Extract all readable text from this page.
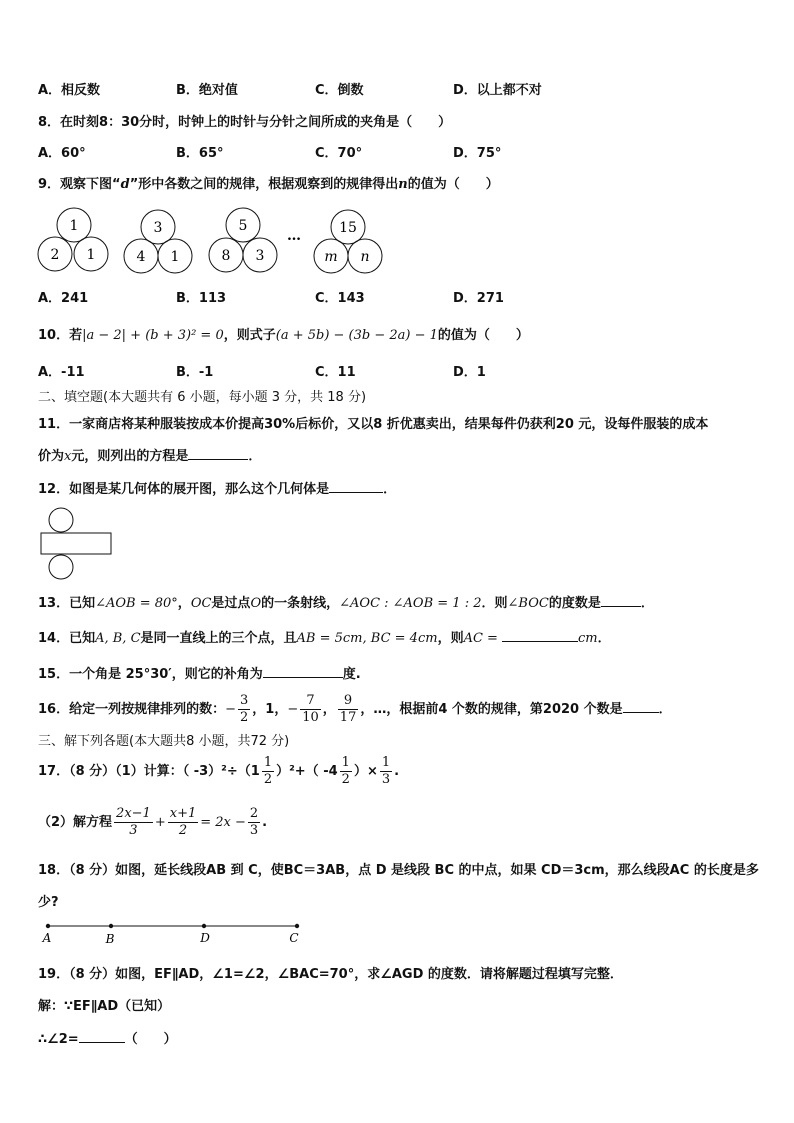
A．相反数	B．绝对值	C．倒数	D．以上都不对
8．在时刻8：30分时，时钟上的时针与分针之间所成的夹角是（　　）
A．60°	B．65°	C．70°	D．75°
9．观察下图“d”形中各数之间的规律，根据观察到的规律得出n的值为（　　）
1
2 1
3
4 1
5
8 3
15
m n
…
A．241	B．113	C．143	D．271
10．若|a − 2| + (b + 3)² = 0，则式子(a + 5b) − (3b − 2a) − 1的值为（　　）
A．-11	B．-1	C．11	D．1
二、填空题(本大题共有 6 小题，每小题 3 分，共 18 分)
11．一家商店将某种服装按成本价提高30%后标价，又以8 折优惠卖出，结果每件仍获利20 元，设每件服装的成本
价为x元，则列出的方程是	．
12．如图是某几何体的展开图，那么这个几何体是	．
13．已知∠AOB = 80°，OC是过点O的一条射线，∠AOC : ∠AOB = 1 : 2．则∠BOC的度数是	．
14．已知A, B, C是同一直线上的三个点，且AB = 5cm, BC = 4cm，则AC =	cm．
15．一个角是 25°30′，则它的补角为	度.
16．给定一列按规律排列的数：− $\frac{3}{2}$ ，1，− $\frac{7}{10}$ ， $\frac{9}{17}$ ，…，根据前4 个数的规律，第2020 个数是	．
三、解下列各题(本大题共8 小题，共72 分)
17．（8 分）（1）计算：（ $-3)^2\div(1 \frac{1}{2} )^2+$（ $-4 \frac{1}{2}$ ）× $\frac{1}{3}$ .
（2）解方程 $\frac{2x-1}{3} + \frac{x+1}{2} = 2x - \frac{2}{3}$ .
18．（8 分）如图，延长线段AB 到 C，使BC＝3AB，点 D 是线段 BC 的中点，如果 CD＝3cm，那么线段AC 的长度是多
少?
A	B	D	C
19．（8 分）如图，EF∥AD，∠1=∠2，∠BAC=70°，求∠AGD 的度数．请将解题过程填写完整．
解：∵EF∥AD（已知）
∴∠2=	（　　）
